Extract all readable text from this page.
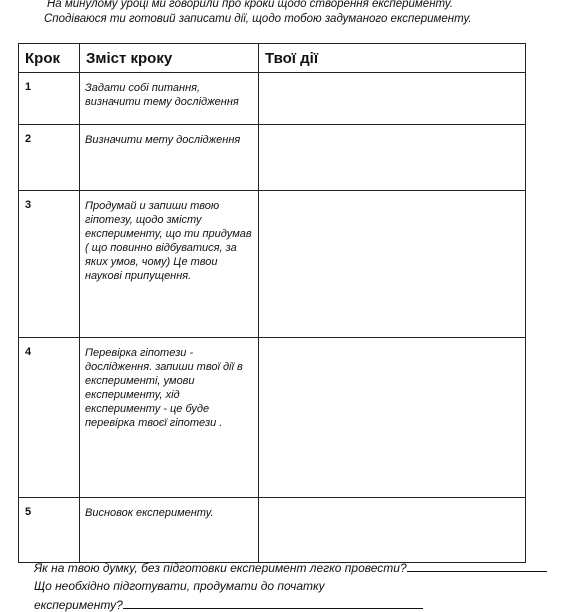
На минулому уроці ми говорили про кроки щодо створення експерименту.
Сподіваюся ти готовий записати дії, щодо тобою задуманого експерименту.
Крок	Зміст кроку	Твої дії
1	Задати собі питання, визначити тему дослідження	
2	Визначити мету дослідження	
3	Продумай и запиши твою гіпотезу, щодо змісту експерименту, що ти придумав ( що повинно відбуватися, за яких умов, чому) Це твои наукові припущення.	
4	Перевірка гіпотези - дослідження. запиши твої дії в експерименті, умови експерименту, хід експерименту - це буде перевірка твоєї гіпотези .	
5	Висновок експерименту.	
Як на твою думку, без підготовки експеримент легко провести?
Що необхідно підготувати, продумати до початку
експерименту?
